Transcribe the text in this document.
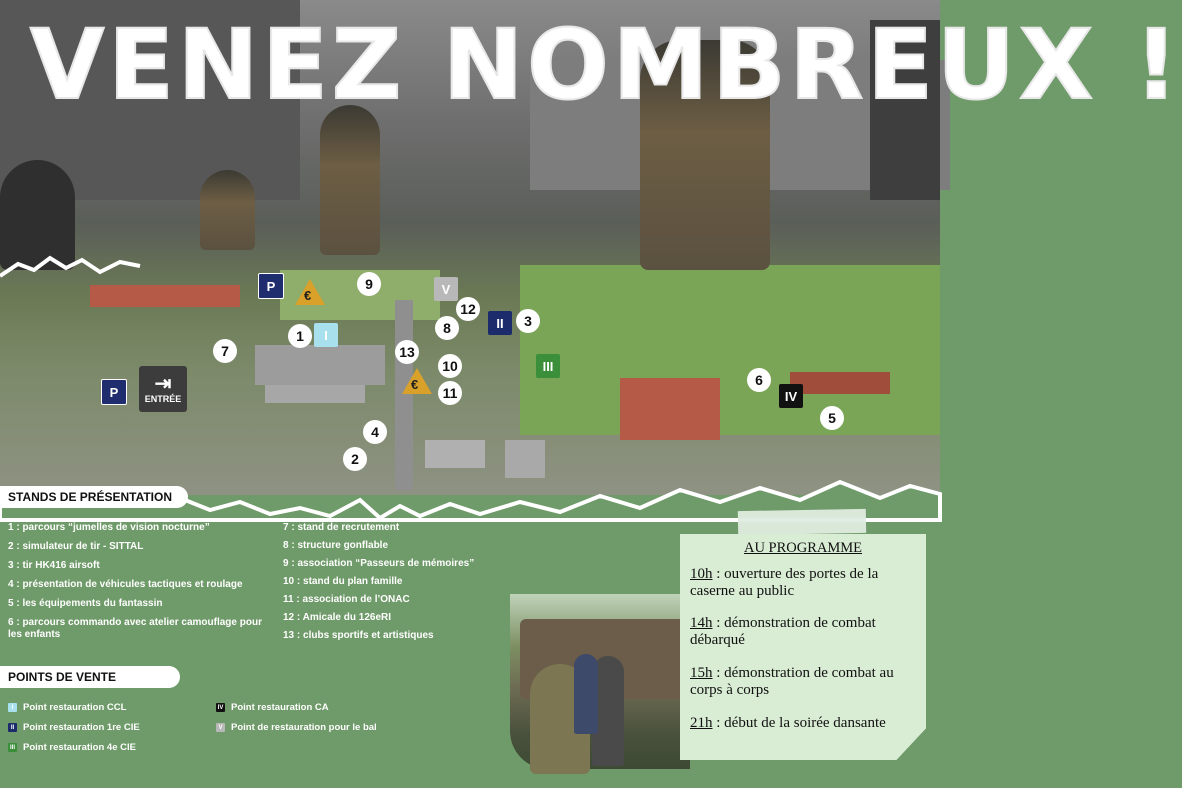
VENEZ NOMBREUX !
1
2
3
4
5
6
7
8
9
10
11
12
13
I
II
III
IV
V
P
P
€
€
⇥
ENTRÉE
STANDS DE PRÉSENTATION
1 : parcours “jumelles de vision nocturne”
2 : simulateur de tir - SITTAL
3 : tir HK416 airsoft
4 : présentation de véhicules tactiques et roulage
5 : les équipements du fantassin
6 : parcours commando avec atelier camouflage pour les enfants
7 : stand de recrutement
8 : structure gonflable
9 : association “Passeurs de mémoires”
10 : stand du plan famille
11 : association de l’ONAC
12 : Amicale du 126eRI
13 : clubs sportifs et artistiques
POINTS DE VENTE
I	Point restauration CCL
II Point restauration 1re CIE
III Point restauration 4e CIE
IV Point restauration CA
V Point de restauration pour le bal
AU PROGRAMME
10h : ouverture des portes de la caserne au public
14h : démonstration de combat débarqué
15h : démonstration de combat au corps à corps
21h : début de la soirée dansante
